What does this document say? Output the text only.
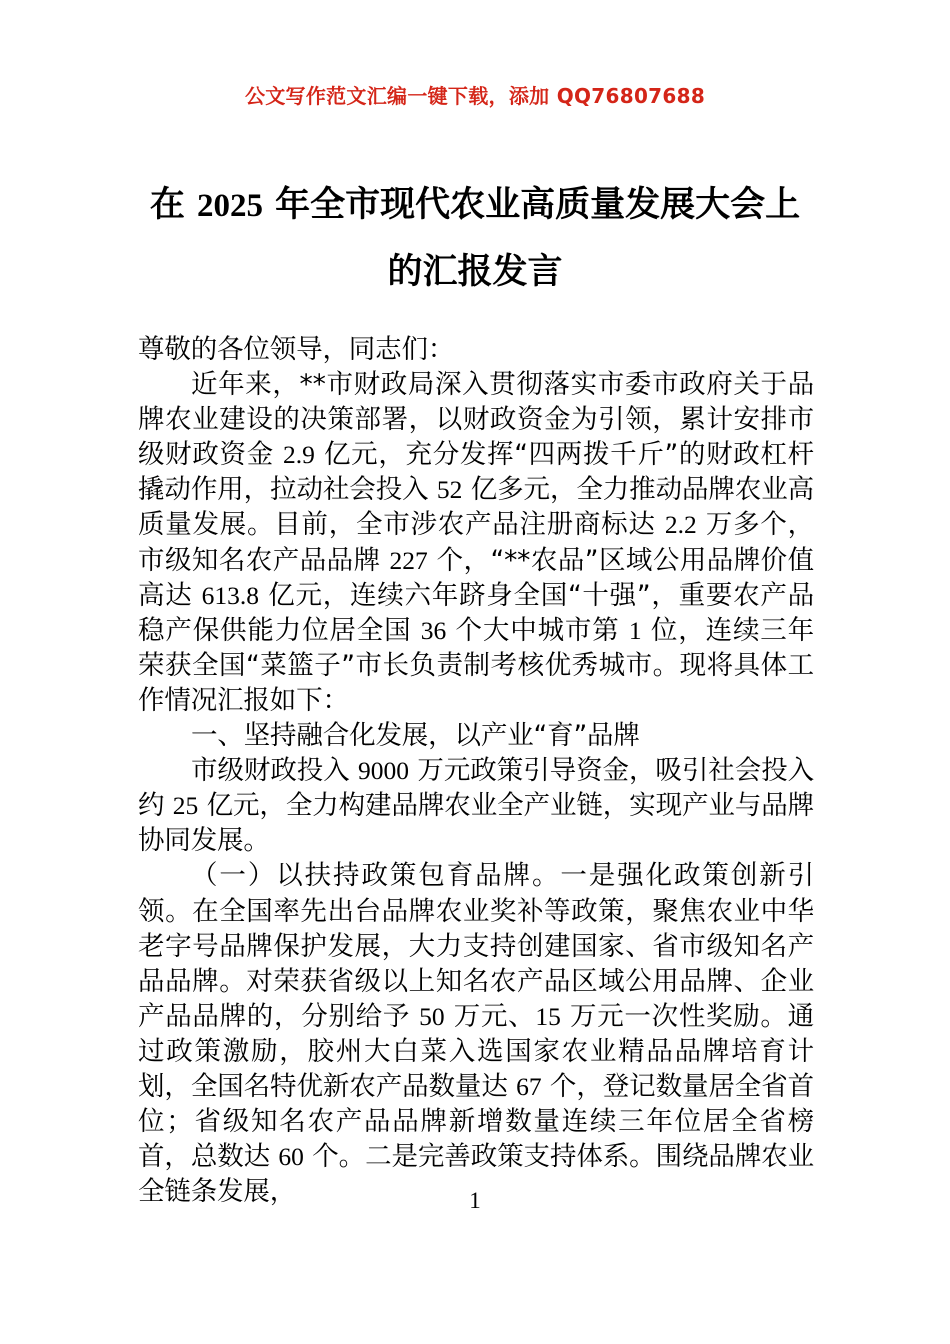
公文写作范文汇编一键下载，添加 QQ76807688
在 2025 年全市现代农业高质量发展大会上
的汇报发言

尊敬的各位领导，同志们：

近年来，**市财政局深入贯彻落实市委市政府关于品牌农业建设的决策部署，以财政资金为引领，累计安排市级财政资金 2.9 亿元，充分发挥“四两拨千斤”的财政杠杆撬动作用，拉动社会投入 52 亿多元，全力推动品牌农业高质量发展。目前，全市涉农产品注册商标达 2.2 万多个，市级知名农产品品牌 227 个，“**农品”区域公用品牌价值高达 613.8 亿元，连续六年跻身全国“十强”，重要农产品稳产保供能力位居全国 36 个大中城市第 1 位，连续三年荣获全国“菜篮子”市长负责制考核优秀城市。现将具体工作情况汇报如下：

一、坚持融合化发展，以产业“育”品牌

市级财政投入 9000 万元政策引导资金，吸引社会投入约 25 亿元，全力构建品牌农业全产业链，实现产业与品牌协同发展。

（一）以扶持政策包育品牌。一是强化政策创新引领。在全国率先出台品牌农业奖补等政策，聚焦农业中华老字号品牌保护发展，大力支持创建国家、省市级知名产品品牌。对荣获省级以上知名农产品区域公用品牌、企业产品品牌的，分别给予 50 万元、15 万元一次性奖励。通过政策激励，胶州大白菜入选国家农业精品品牌培育计划，全国名特优新农产品数量达 67 个，登记数量居全省首位；省级知名农产品品牌新增数量连续三年位居全省榜首，总数达 60 个。二是完善政策支持体系。围绕品牌农业全链条发展，	1
